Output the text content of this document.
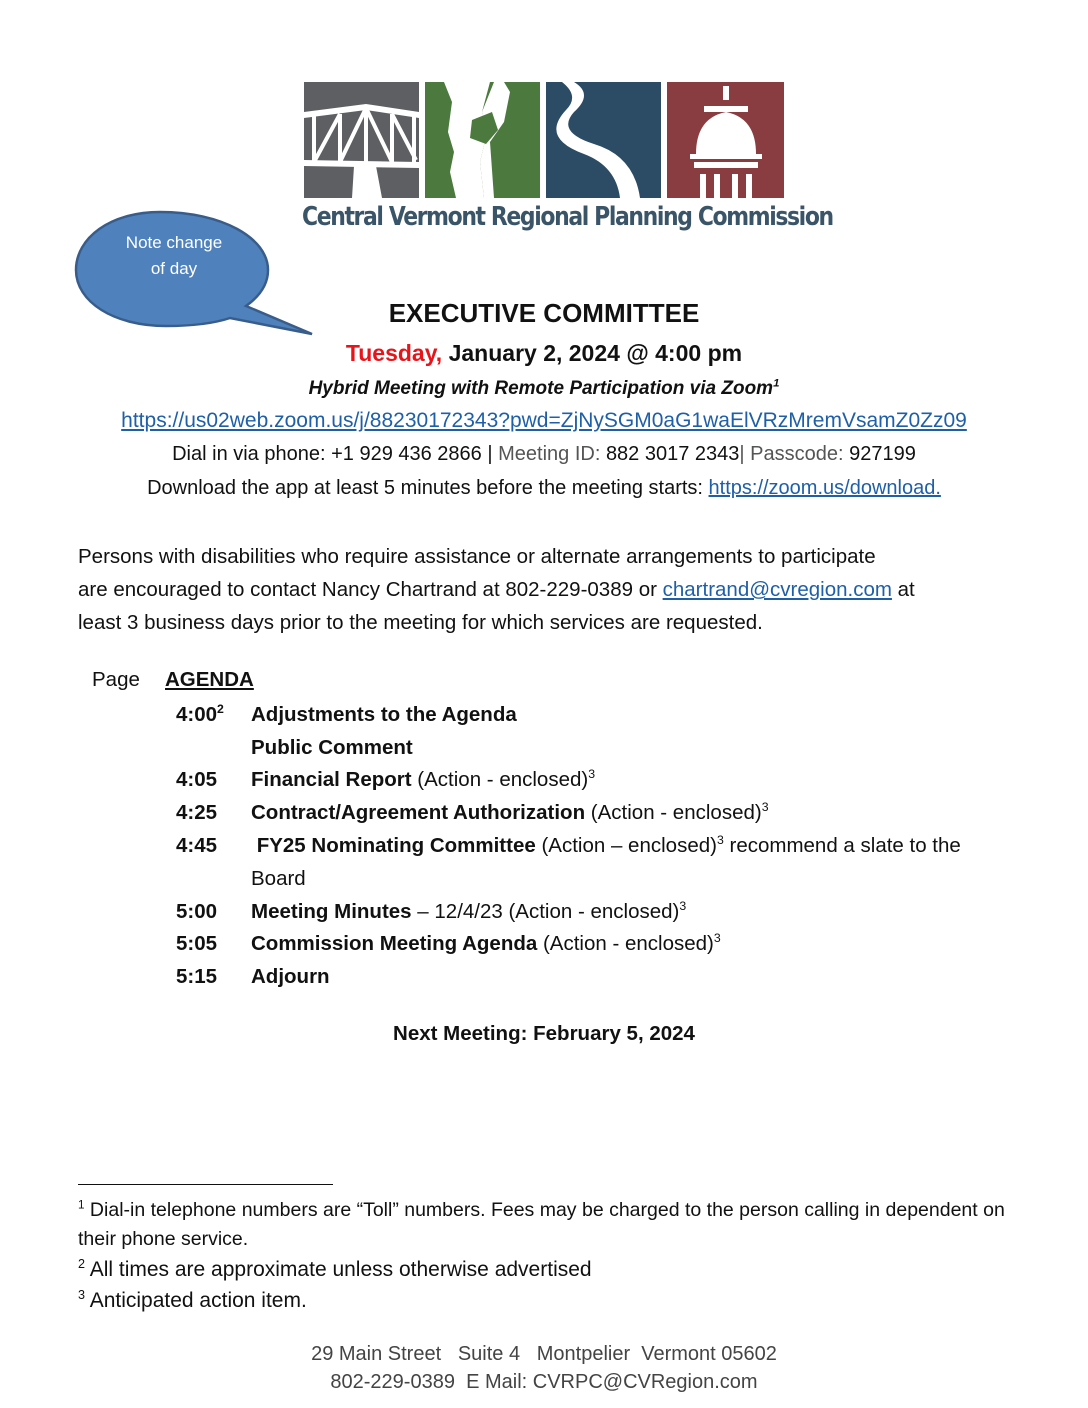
Central Vermont Regional Planning Commission
Note change
of day
EXECUTIVE COMMITTEE
Tuesday, January 2, 2024 @ 4:00 pm
Hybrid Meeting with Remote Participation via Zoom$^1$
https://us02web.zoom.us/j/88230172343?pwd=ZjNySGM0aG1waElVRzMremVsamZ0Zz09
Dial in via phone: +1 929 436 2866 | Meeting ID: 882 3017 2343| Passcode: 927199
Download the app at least 5 minutes before the meeting starts: https://zoom.us/download.
Persons with disabilities who require assistance or alternate arrangements to participate
are encouraged to contact Nancy Chartrand at 802-229-0389 or chartrand@cvregion.com at
least 3 business days prior to the meeting for which services are requested.
Page AGENDA
$4:00^2$ Adjustments to the Agenda
Public Comment
4:05 Financial Report (Action - enclosed)$^3$
4:25 Contract/Agreement Authorization (Action - enclosed)$^3$
4:45 FY25 Nominating Committee (Action – enclosed)$^3$ recommend a slate to the Board
5:00 Meeting Minutes – 12/4/23 (Action - enclosed)$^3$
5:05 Commission Meeting Agenda (Action - enclosed)$^3$
5:15 Adjourn
Next Meeting: February 5, 2024
$^1$ Dial-in telephone numbers are “Toll” numbers. Fees may be charged to the person calling in dependent on their phone service.
$^2$ All times are approximate unless otherwise advertised
$^3$ Anticipated action item.
29 Main Street   Suite 4   Montpelier  Vermont 05602
802-229-0389  E Mail: CVRPC@CVRegion.com
